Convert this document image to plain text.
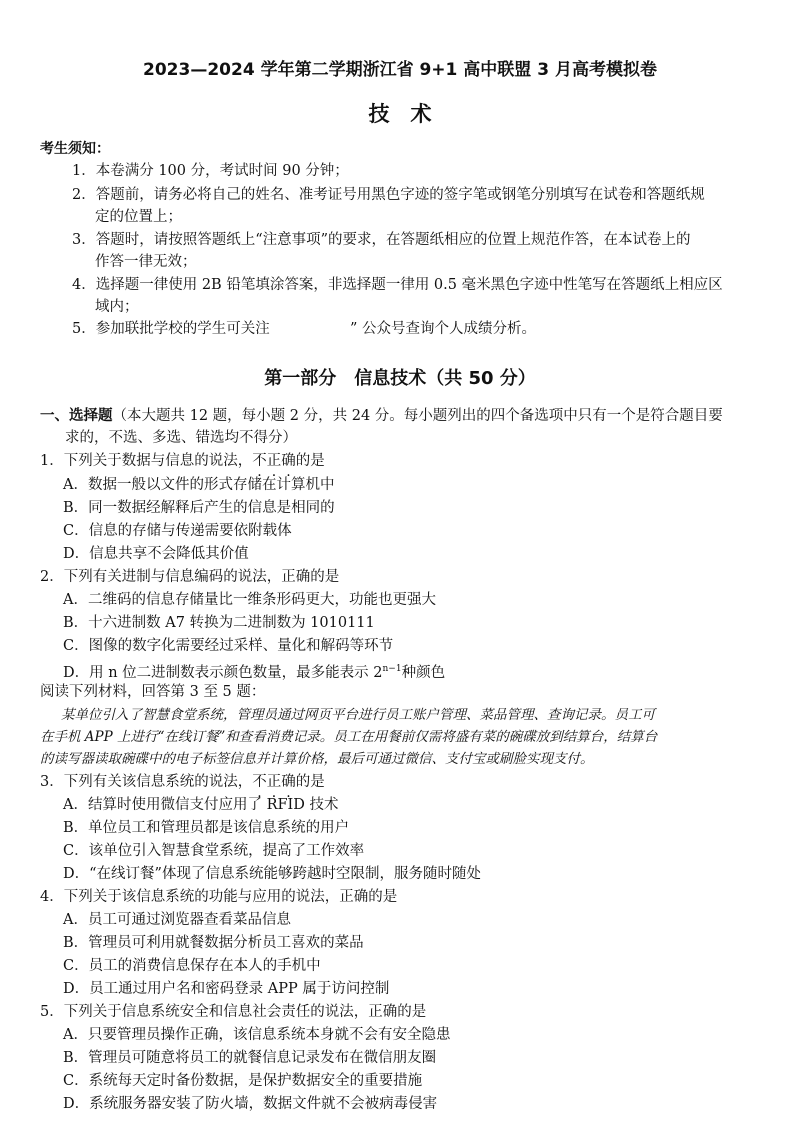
2023—2024 学年第二学期浙江省 9+1 高中联盟 3 月高考模拟卷
技　术
考生须知：
1．本卷满分 100 分，考试时间 90 分钟；
2．答题前，请务必将自己的姓名、准考证号用黑色字迹的签字笔或钢笔分别填写在试卷和答题纸规
定的位置上；
3．答题时，请按照答题纸上“注意事项”的要求，在答题纸相应的位置上规范作答，在本试卷上的
作答一律无效；
4．选择题一律使用 2B 铅笔填涂答案，非选择题一律用 0.5 毫米黑色字迹中性笔写在答题纸上相应区
域内；
5．参加联批学校的学生可关注	” 公众号查询个人成绩分析。
第一部分　信息技术（共 50 分）
一、选择题（本大题共 12 题，每小题 2 分，共 24 分。每小题列出的四个备选项中只有一个是符合题目要
求的，不选、多选、错选均不得分）
1．下列关于数据与信息的说法，不正确的是
A．数据一般以文件的形式存储在计算机中
B．同一数据经解释后产生的信息是相同的
C．信息的存储与传递需要依附载体
D．信息共享不会降低其价值
2．下列有关进制与信息编码的说法，正确的是
A．二维码的信息存储量比一维条形码更大，功能也更强大
B．十六进制数 A7 转换为二进制数为 1010111
C．图像的数字化需要经过采样、量化和解码等环节
D．用 n 位二进制数表示颜色数量，最多能表示 $2^{n-1}$种颜色
阅读下列材料，回答第 3 至 5 题：
某单位引入了智慧食堂系统，管理员通过网页平台进行员工账户管理、菜品管理、查询记录。员工可
在手机 APP 上进行“在线订餐”和查看消费记录。员工在用餐前仅需将盛有菜的碗碟放到结算台，结算台
的读写器读取碗碟中的电子标签信息并计算价格，最后可通过微信、支付宝或刷脸实现支付。
3．下列有关该信息系统的说法，不正确的是
A．结算时使用微信支付应用了 RFID 技术
B．单位员工和管理员都是该信息系统的用户
C．该单位引入智慧食堂系统，提高了工作效率
D．“在线订餐”体现了信息系统能够跨越时空限制，服务随时随处
4．下列关于该信息系统的功能与应用的说法，正确的是
A．员工可通过浏览器查看菜品信息
B．管理员可利用就餐数据分析员工喜欢的菜品
C．员工的消费信息保存在本人的手机中
D．员工通过用户名和密码登录 APP 属于访问控制
5．下列关于信息系统安全和信息社会责任的说法，正确的是
A．只要管理员操作正确，该信息系统本身就不会有安全隐患
B．管理员可随意将员工的就餐信息记录发布在微信朋友圈
C．系统每天定时备份数据，是保护数据安全的重要措施
D．系统服务器安装了防火墙，数据文件就不会被病毒侵害
